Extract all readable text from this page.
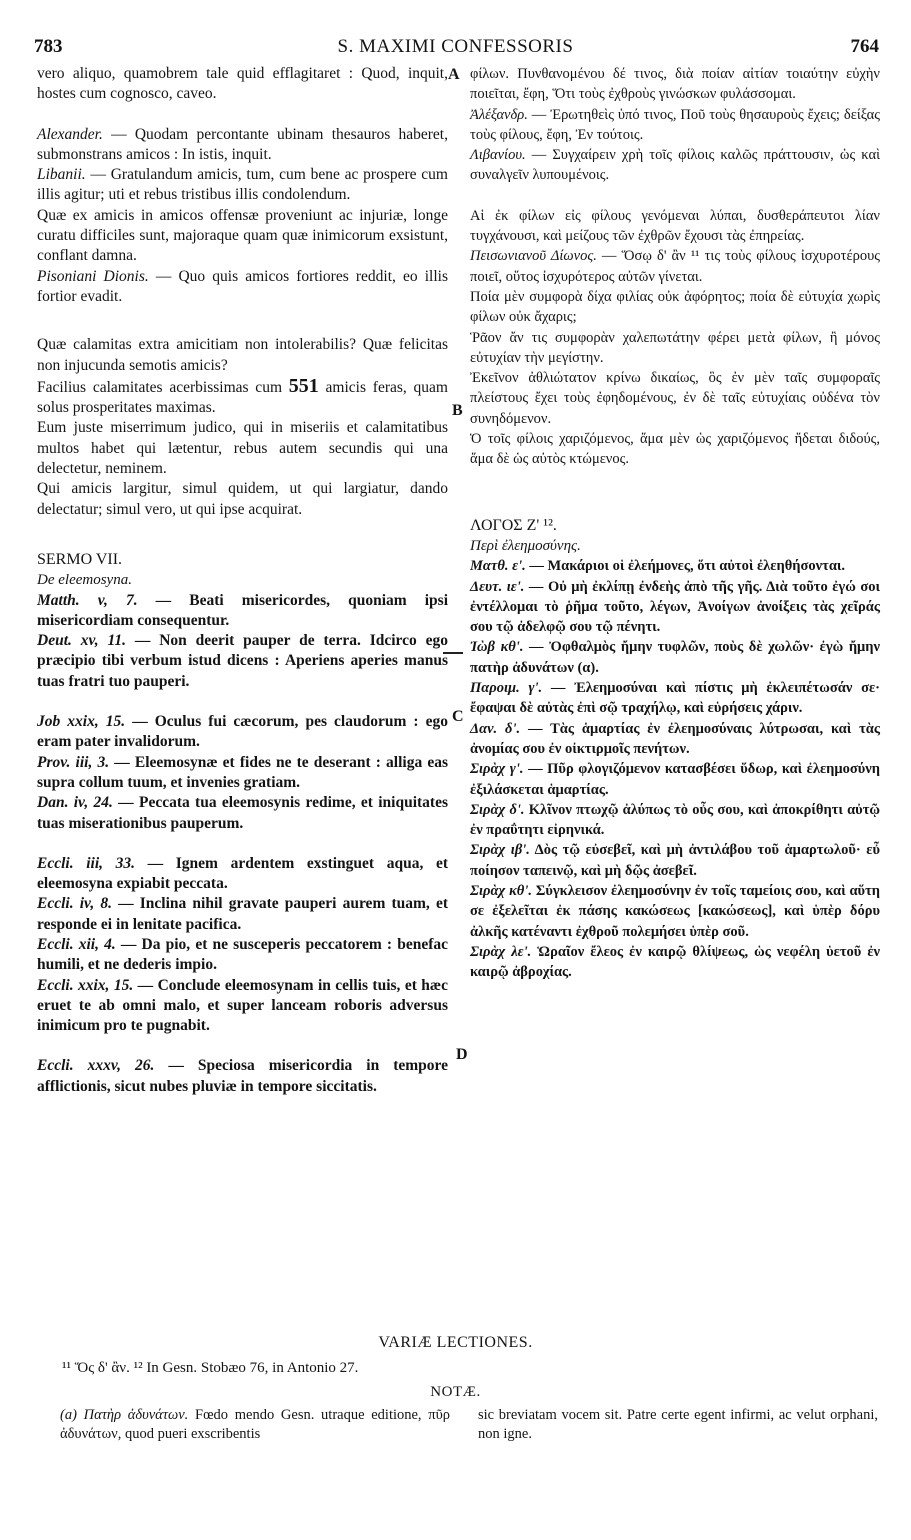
783	S. MAXIMI CONFESSORIS	764
A
B
C
D

vero aliquo, quamobrem tale quid efflagitaret : Quod, inquit, hostes cum cognosco, caveo.

Alexander. — Quodam percontante ubinam thesauros haberet, submonstrans amicos : In istis, inquit.

Libanii. — Gratulandum amicis, tum, cum bene ac prospere cum illis agitur; uti et rebus tristibus illis condolendum.

Quæ ex amicis in amicos offensæ proveniunt ac injuriæ, longe curatu difficiles sunt, majoraque quam quæ inimicorum exsistunt, conflant damna.

Pisoniani Dionis. — Quo quis amicos fortiores reddit, eo illis fortior evadit.

Quæ calamitas extra amicitiam non intolerabilis? Quæ felicitas non injucunda semotis amicis?

Facilius calamitates acerbissimas cum 551 amicis feras, quam solus prosperitates maximas.

Eum juste miserrimum judico, qui in miseriis et calamitatibus multos habet qui lætentur, rebus autem secundis qui una delectetur, neminem.

Qui amicis largitur, simul quidem, ut qui largiatur, dando delectatur; simul vero, ut qui ipse acquirat.

SERMO VII.

De eleemosyna.

Matth. v, 7. — Beati misericordes, quoniam ipsi misericordiam consequentur.

Deut. xv, 11. — Non deerit pauper de terra. Idcirco ego præcipio tibi verbum istud dicens : Aperiens aperies manus tuas fratri tuo pauperi.

Job xxix, 15. — Oculus fui cæcorum, pes claudorum : ego eram pater invalidorum.

Prov. iii, 3. — Eleemosynæ et fides ne te deserant : alliga eas supra collum tuum, et invenies gratiam.

Dan. iv, 24. — Peccata tua eleemosynis redime, et iniquitates tuas miserationibus pauperum.

Eccli. iii, 33. — Ignem ardentem exstinguet aqua, et eleemosyna expiabit peccata.

Eccli. iv, 8. — Inclina nihil gravate pauperi aurem tuam, et responde ei in lenitate pacifica.

Eccli. xii, 4. — Da pio, et ne susceperis peccatorem : benefac humili, et ne dederis impio.

Eccli. xxix, 15. — Conclude eleemosynam in cellis tuis, et hæc eruet te ab omni malo, et super lanceam roboris adversus inimicum pro te pugnabit.

Eccli. xxxv, 26. — Speciosa misericordia in tempore afflictionis, sicut nubes pluviæ in tempore siccitatis.

φίλων. Πυνθανομένου δέ τινος, διὰ ποίαν αἰτίαν τοιαύτην εὐχὴν ποιεῖται, ἔφη, Ὅτι τοὺς ἐχθροὺς γινώσκων φυλάσσομαι.

Ἀλέξανδρ. — Ἐρωτηθεὶς ὑπό τινος, Ποῦ τοὺς θησαυροὺς ἔχεις; δείξας τοὺς φίλους, ἔφη, Ἐν τούτοις.

Λιβανίου. — Συγχαίρειν χρὴ τοῖς φίλοις καλῶς πράττουσιν, ὡς καὶ συναλγεῖν λυπουμένοις.

Αἱ ἐκ φίλων εἰς φίλους γενόμεναι λύπαι, δυσθεράπευτοι λίαν τυγχάνουσι, καὶ μείζους τῶν ἐχθρῶν ἔχουσι τὰς ἐπηρείας.

Πεισωνιανοῦ Δίωνος. — Ὅσῳ δ' ἂν ¹¹ τις τοὺς φίλους ἰσχυροτέρους ποιεῖ, οὕτος ἰσχυρότερος αὐτῶν γίνεται.

Ποία μὲν συμφορὰ δίχα φιλίας οὐκ ἀφόρητος; ποία δὲ εὐτυχία χωρὶς φίλων οὐκ ἄχαρις;

Ῥᾶον ἄν τις συμφορὰν χαλεπωτάτην φέρει μετὰ φίλων, ἢ μόνος εὐτυχίαν τὴν μεγίστην.

Ἐκεῖνον ἀθλιώτατον κρίνω δικαίως, ὃς ἐν μὲν ταῖς συμφοραῖς πλείστους ἔχει τοὺς ἐφηδομένους, ἐν δὲ ταῖς εὐτυχίαις οὐδένα τὸν συνηδόμενον.

Ὁ τοῖς φίλοις χαριζόμενος, ἅμα μὲν ὡς χαριζόμενος ἥδεται διδούς, ἅμα δὲ ὡς αὐτὸς κτώμενος.

ΛΟΓΟΣ Ζ' ¹².

Περὶ ἐλεημοσύνης.

Ματθ. ε'. — Μακάριοι οἱ ἐλεήμονες, ὅτι αὐτοὶ ἐλεηθήσονται.

Δευτ. ιε'. — Οὐ μὴ ἐκλίπῃ ἐνδεὴς ἀπὸ τῆς γῆς. Διὰ τοῦτο ἐγώ σοι ἐντέλλομαι τὸ ῥῆμα τοῦτο, λέγων, Ἀνοίγων ἀνοίξεις τὰς χεῖράς σου τῷ ἀδελφῷ σου τῷ πένητι.

Ἰὼβ κθ'. — Ὀφθαλμὸς ἤμην τυφλῶν, ποὺς δὲ χωλῶν· ἐγὼ ἤμην πατὴρ ἀδυνάτων (α).

Παροιμ. γ'. — Ἐλεημοσύναι καὶ πίστις μὴ ἐκλειπέτωσάν σε· ἔφαψαι δὲ αὐτὰς ἐπὶ σῷ τραχήλῳ, καὶ εὑρήσεις χάριν.

Δαν. δ'. — Τὰς ἁμαρτίας ἐν ἐλεημοσύναις λύτρωσαι, καὶ τὰς ἀνομίας σου ἐν οἰκτιρμοῖς πενήτων.

Σιρὰχ γ'. — Πῦρ φλογιζόμενον κατασβέσει ὕδωρ, καὶ ἐλεημοσύνη ἐξιλάσκεται ἁμαρτίας.

Σιρὰχ δ'. Κλῖνον πτωχῷ ἀλύπως τὸ οὖς σου, καὶ ἀποκρίθητι αὐτῷ ἐν πραΰτητι εἰρηνικά.

Σιρὰχ ιβ'. Δὸς τῷ εὐσεβεῖ, καὶ μὴ ἀντιλάβου τοῦ ἁμαρτωλοῦ· εὖ ποίησον ταπεινῷ, καὶ μὴ δῷς ἀσεβεῖ.

Σιρὰχ κθ'. Σύγκλεισον ἐλεημοσύνην ἐν τοῖς ταμείοις σου, καὶ αὕτη σε ἐξελεῖται ἐκ πάσης κακώσεως [κακώσεως], καὶ ὑπὲρ δόρυ ἀλκῆς κατέναντι ἐχθροῦ πολεμήσει ὑπὲρ σοῦ.

Σιρὰχ λε'. Ὡραῖον ἔλεος ἐν καιρῷ θλίψεως, ὡς νεφέλη ὑετοῦ ἐν καιρῷ ἀβροχίας.

VARIÆ LECTIONES.
¹¹ Ὅς δ' ἂν. ¹² In Gesn. Stobæo 76, in Antonio 27.
NOTÆ.
(a) Πατὴρ ἀδυνάτων. Fœdo mendo Gesn. utraque editione, πῦρ ἀδυνάτων, quod pueri exscribentis
sic breviatam vocem sit. Patre certe egent infirmi, ac velut orphani, non igne.
